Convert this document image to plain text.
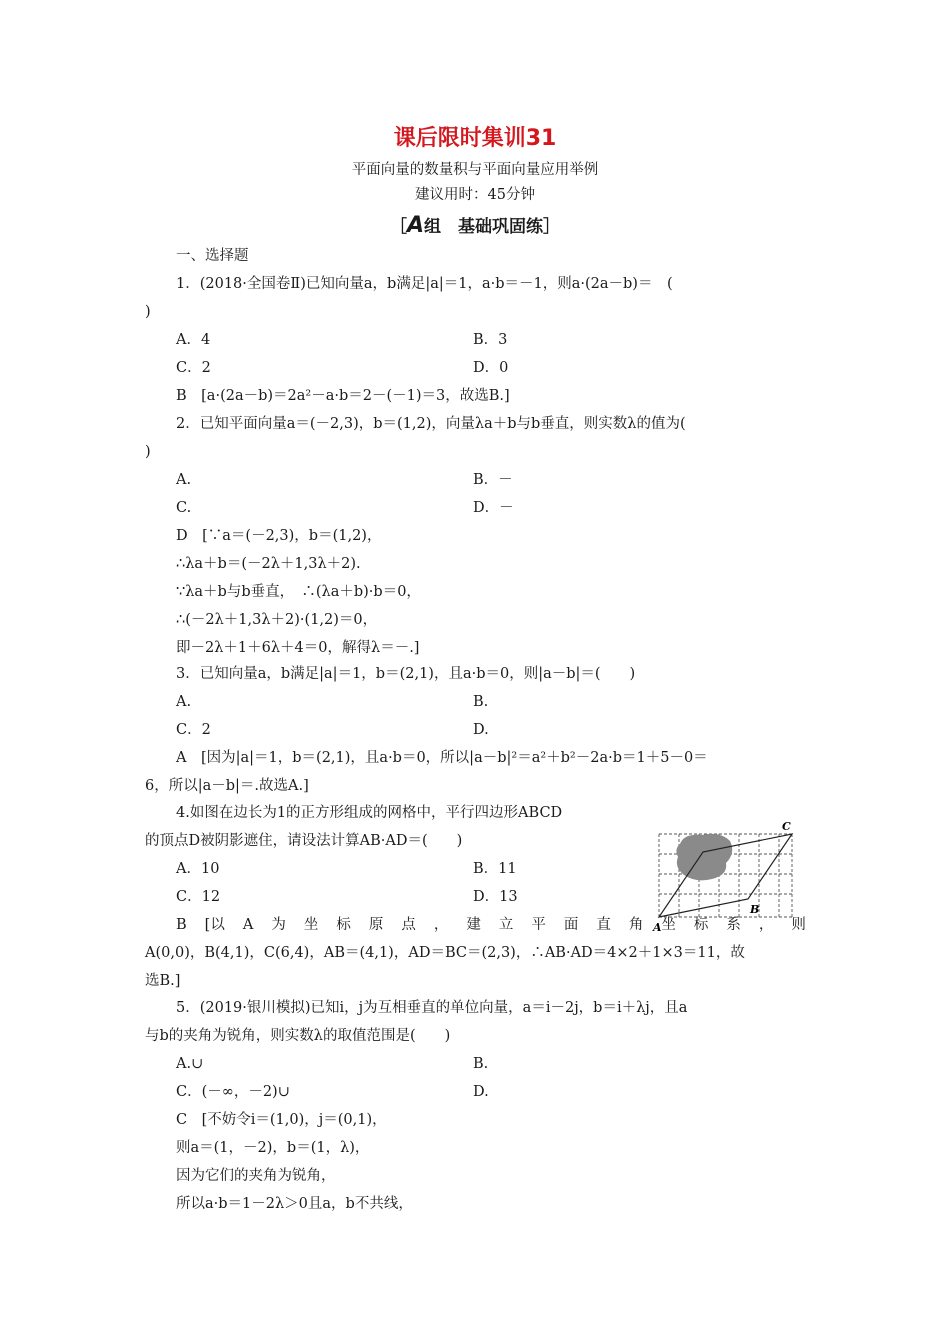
课后限时集训31
平面向量的数量积与平面向量应用举例
建议用时：45分钟
［A组　基础巩固练］
一、选择题
1．(2018·全国卷Ⅱ)已知向量a，b满足|a|＝1，a·b＝－1，则a·(2a－b)＝　(
)
A．4	B．3
C．2	D．0
B　[a·(2a－b)＝2a²－a·b＝2－(－1)＝3，故选B.]
2．已知平面向量a＝(－2,3)，b＝(1,2)，向量λa＋b与b垂直，则实数λ的值为(
)
A.	B．－
C.	D．－
D　[∵a＝(－2,3)，b＝(1,2)，
∴λa＋b＝(－2λ＋1,3λ＋2).
∵λa＋b与b垂直，　∴(λa＋b)·b＝0，
∴(－2λ＋1,3λ＋2)·(1,2)＝0，
即－2λ＋1＋6λ＋4＝0，解得λ＝－.]
3．已知向量a，b满足|a|＝1，b＝(2,1)，且a·b＝0，则|a－b|＝(　　)
A.	B.
C．2	D.
A　[因为|a|＝1，b＝(2,1)，且a·b＝0，所以|a－b|²＝a²＋b²－2a·b＝1＋5－0＝
6，所以|a－b|＝.故选A.]
4.如图在边长为1的正方形组成的网格中，平行四边形ABCD
的顶点D被阴影遮住，请设法计算AB·AD＝(　　)
A．10	B．11
C．12	D．13
B [以 A 为 坐 标 原 点 ， 建 立 平 面 直 角 坐 标 系 ， 则
A(0,0)，B(4,1)，C(6,4)，AB＝(4,1)，AD＝BC＝(2,3)，∴AB·AD＝4×2＋1×3＝11，故
选B.]
A
B
C
5．(2019·银川模拟)已知i，j为互相垂直的单位向量，a＝i－2j，b＝i＋λj，且a
与b的夹角为锐角，则实数λ的取值范围是(　　)
A.∪	B.
C．(－∞，－2)∪	D.
C　[不妨令i＝(1,0)，j＝(0,1)，
则a＝(1，－2)，b＝(1，λ)，
因为它们的夹角为锐角，
所以a·b＝1－2λ＞0且a，b不共线，
